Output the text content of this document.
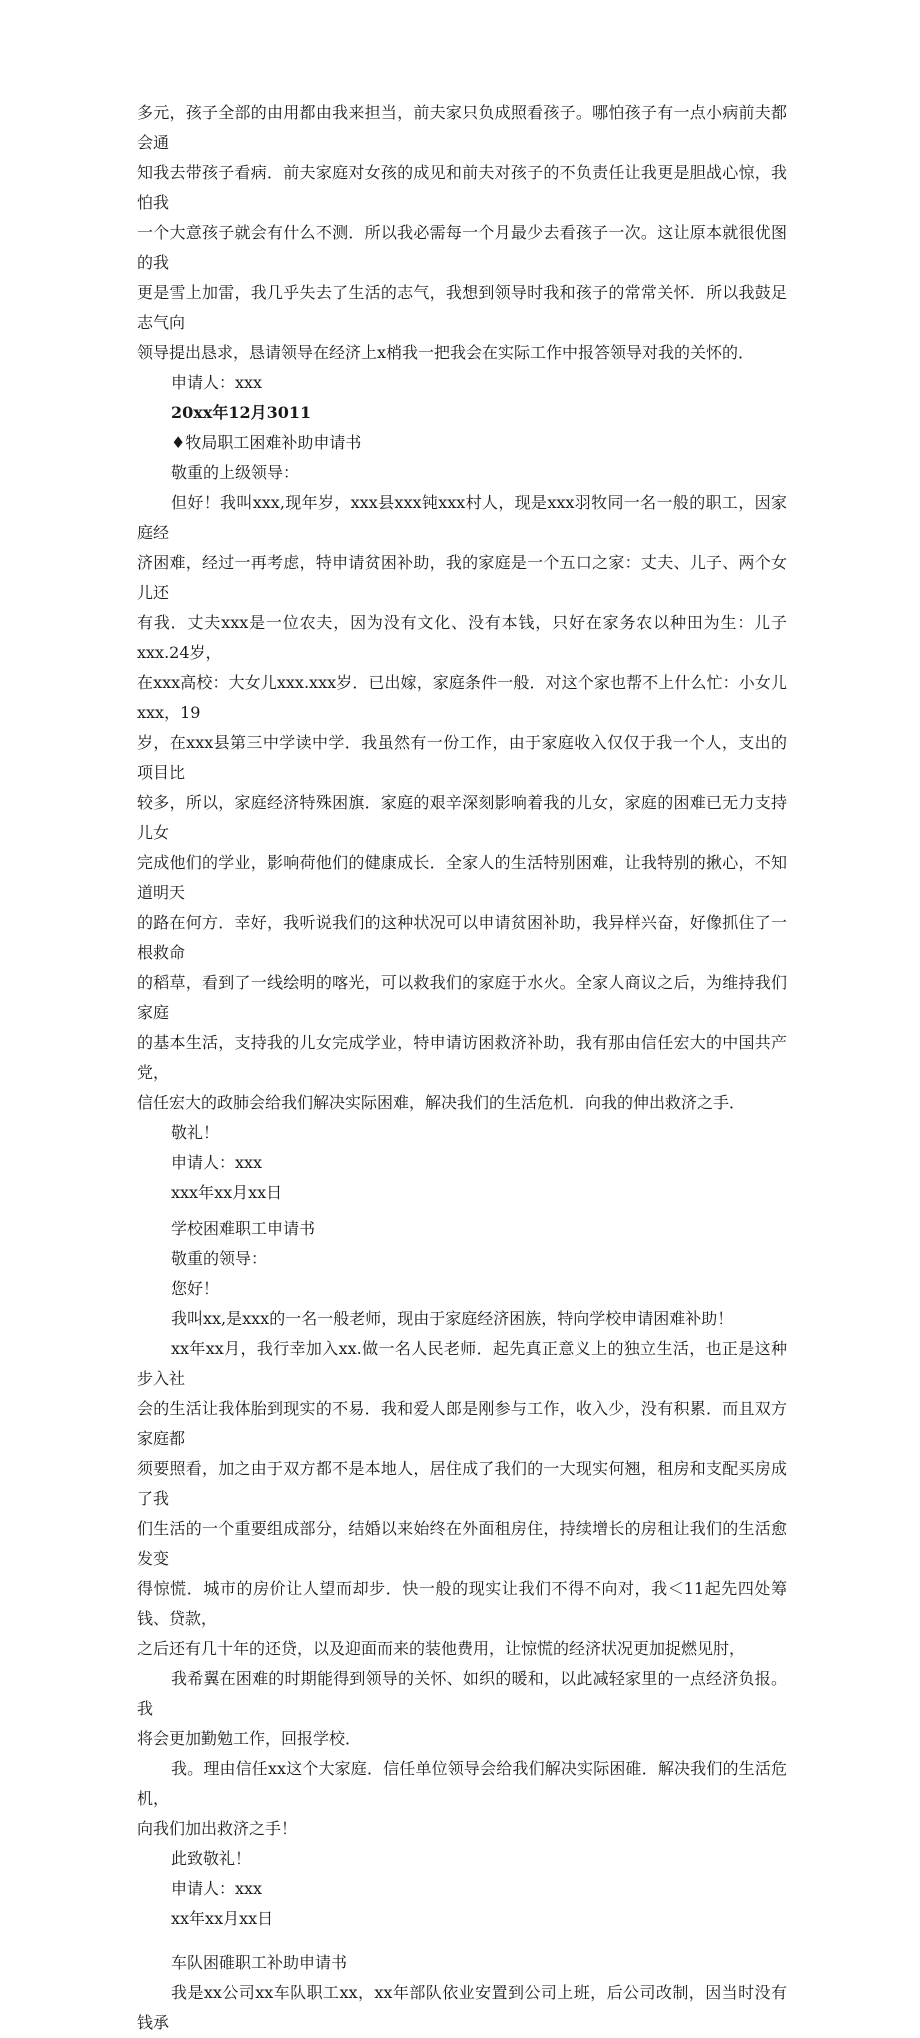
多元，孩子全部的由用都由我来担当，前夫家只负成照看孩子。哪怕孩子有一点小病前夫都会通

知我去带孩子看病．前夫家庭对女孩的成见和前夫对孩子的不负责任让我更是胆战心惊，我怕我

一个大意孩子就会有什么不测．所以我必需每一个月最少去看孩子一次。这让原本就很优图的我

更是雪上加雷，我几乎失去了生活的志气，我想到领导时我和孩子的常常关怀．所以我鼓足志气向

领导提出恳求，恳请领导在经济上x梢我一把我会在实际工作中报答领导对我的关怀的．

申请人：xxx

20xx年12月3011

♦牧局职工困难补助申请书

敬重的上级领导：

但好！我叫xxx,现年岁，xxx县xxx钝xxx村人，现是xxx羽牧同一名一般的职工，因家庭经

济困难，经过一再考虑，特申请贫困补助，我的家庭是一个五口之家：丈夫、儿子、两个女儿还

有我．丈夫xxx是一位农夫，因为没有文化、没有本钱，只好在家务农以种田为生：儿子xxx.24岁，

在xxx高校：大女儿xxx.xxx岁．已出嫁，家庭条件一般．对这个家也帮不上什么忙：小女儿xxx，19

岁，在xxx县第三中学读中学．我虽然有一份工作，由于家庭收入仅仅于我一个人，支出的项目比

较多，所以，家庭经济特殊困旗．家庭的艰辛深刻影响着我的儿女，家庭的困难已无力支持儿女

完成他们的学业，影响荷他们的健康成长．全家人的生活特别困难，让我特别的揪心，不知道明天

的路在何方．幸好，我听说我们的这种状况可以申请贫困补助，我异样兴奋，好像抓住了一根救命

的稻草，看到了一线绘明的喀光，可以救我们的家庭于水火。全家人商议之后，为维持我们家庭

的基本生活，支持我的儿女完成学业，特申请访困救济补助，我有那由信任宏大的中国共产党，

信任宏大的政肺会给我们解决实际困难，解决我们的生活危机．向我的伸出救济之手．

敬礼！

申请人：xxx

xxx年xx月xx日

学校困难职工申请书

敬重的领导：

您好！

我叫xx,是xxx的一名一般老师，现由于家庭经济困族，特向学校申请困难补助！

xx年xx月，我行幸加入xx.做一名人民老师．起先真正意义上的独立生活，也正是这种步入社

会的生活让我体胎到现实的不易．我和爱人郎是刚参与工作，收入少，没有积累．而且双方家庭都

须要照看，加之由于双方都不是本地人，居住成了我们的一大现实何翘，租房和支配买房成了我

们生活的一个重要组成部分，结婚以来始终在外面租房住，持续增长的房租让我们的生活愈发变

得惊慌．城市的房价让人望而却步．快一般的现实让我们不得不向对，我＜11起先四处筹钱、贷款，

之后还有几十年的还贷，以及迎面而来的装他费用，让惊慌的经济状况更加捉燃见肘，

我希翼在困难的时期能得到领导的关怀、如织的暖和，以此减轻家里的一点经济负报。我

将会更加勤勉工作，回报学校．

我。理由信任xx这个大家庭．信任单位领导会给我们解决实际困碓．解决我们的生活危机，

向我们加出救济之手！

此致敬礼！

申请人：xxx

xx年xx月xx日

车队困碓职工补助申请书

我是xx公司xx车队职工xx，xx年部队依业安置到公司上班，后公司改制，因当时没有钱承
